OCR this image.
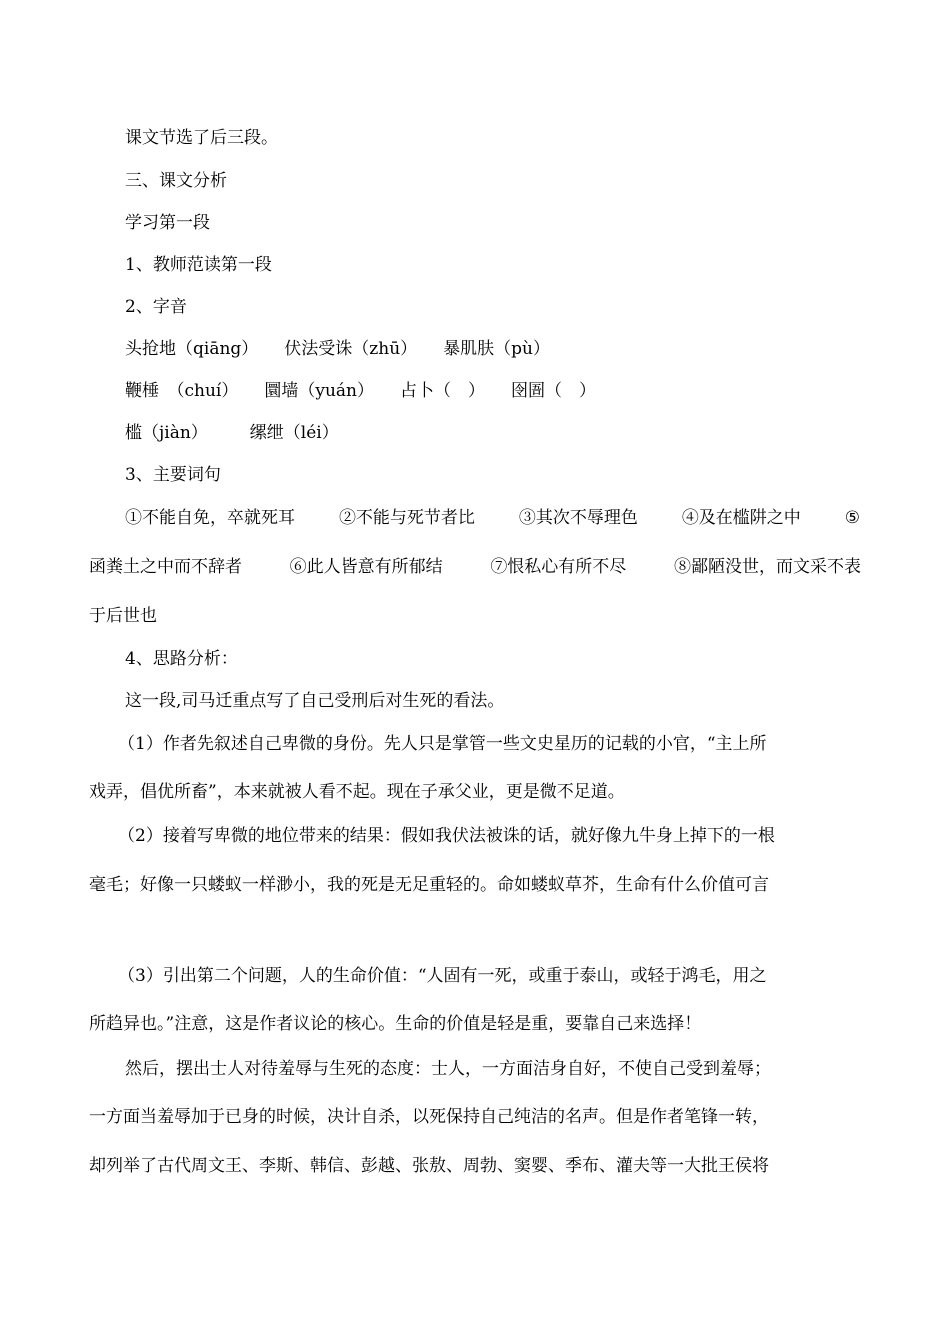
课文节选了后三段。

三、课文分析

学习第一段

1、教师范读第一段

2、字音

头抢地（qiāng） 伏法受诛（zhū） 暴肌肤（pù）
鞭棰　（chuí） 圜墙（yuán） 占卜（　） 囹圄（　）
槛（jiàn） 缧绁（léi）

3、主要词句

①不能自免，卒就死耳	②不能与死节者比	③其次不辱理色	④及在槛阱之中	⑤
函粪土之中而不辞者	⑥此人皆意有所郁结	⑦恨私心有所不尽	⑧鄙陋没世，而文采不表

于后世也

4、思路分析：

这一段,司马迁重点写了自己受刑后对生死的看法。

（1）作者先叙述自己卑微的身份。先人只是掌管一些文史星历的记载的小官，“主上所

戏弄，倡优所畜”，本来就被人看不起。现在子承父业，更是微不足道。

（2）接着写卑微的地位带来的结果：假如我伏法被诛的话，就好像九牛身上掉下的一根

毫毛；好像一只蝼蚁一样渺小，我的死是无足重轻的。命如蝼蚁草芥，生命有什么价值可言

（3）引出第二个问题，人的生命价值：“人固有一死，或重于泰山，或轻于鸿毛，用之

所趋异也。”注意，这是作者议论的核心。生命的价值是轻是重，要靠自己来选择！

然后，摆出士人对待羞辱与生死的态度：士人，一方面洁身自好，不使自己受到羞辱；

一方面当羞辱加于已身的时候，决计自杀，以死保持自己纯洁的名声。但是作者笔锋一转，

却列举了古代周文王、李斯、韩信、彭越、张敖、周勃、窦婴、季布、灌夫等一大批王侯将
